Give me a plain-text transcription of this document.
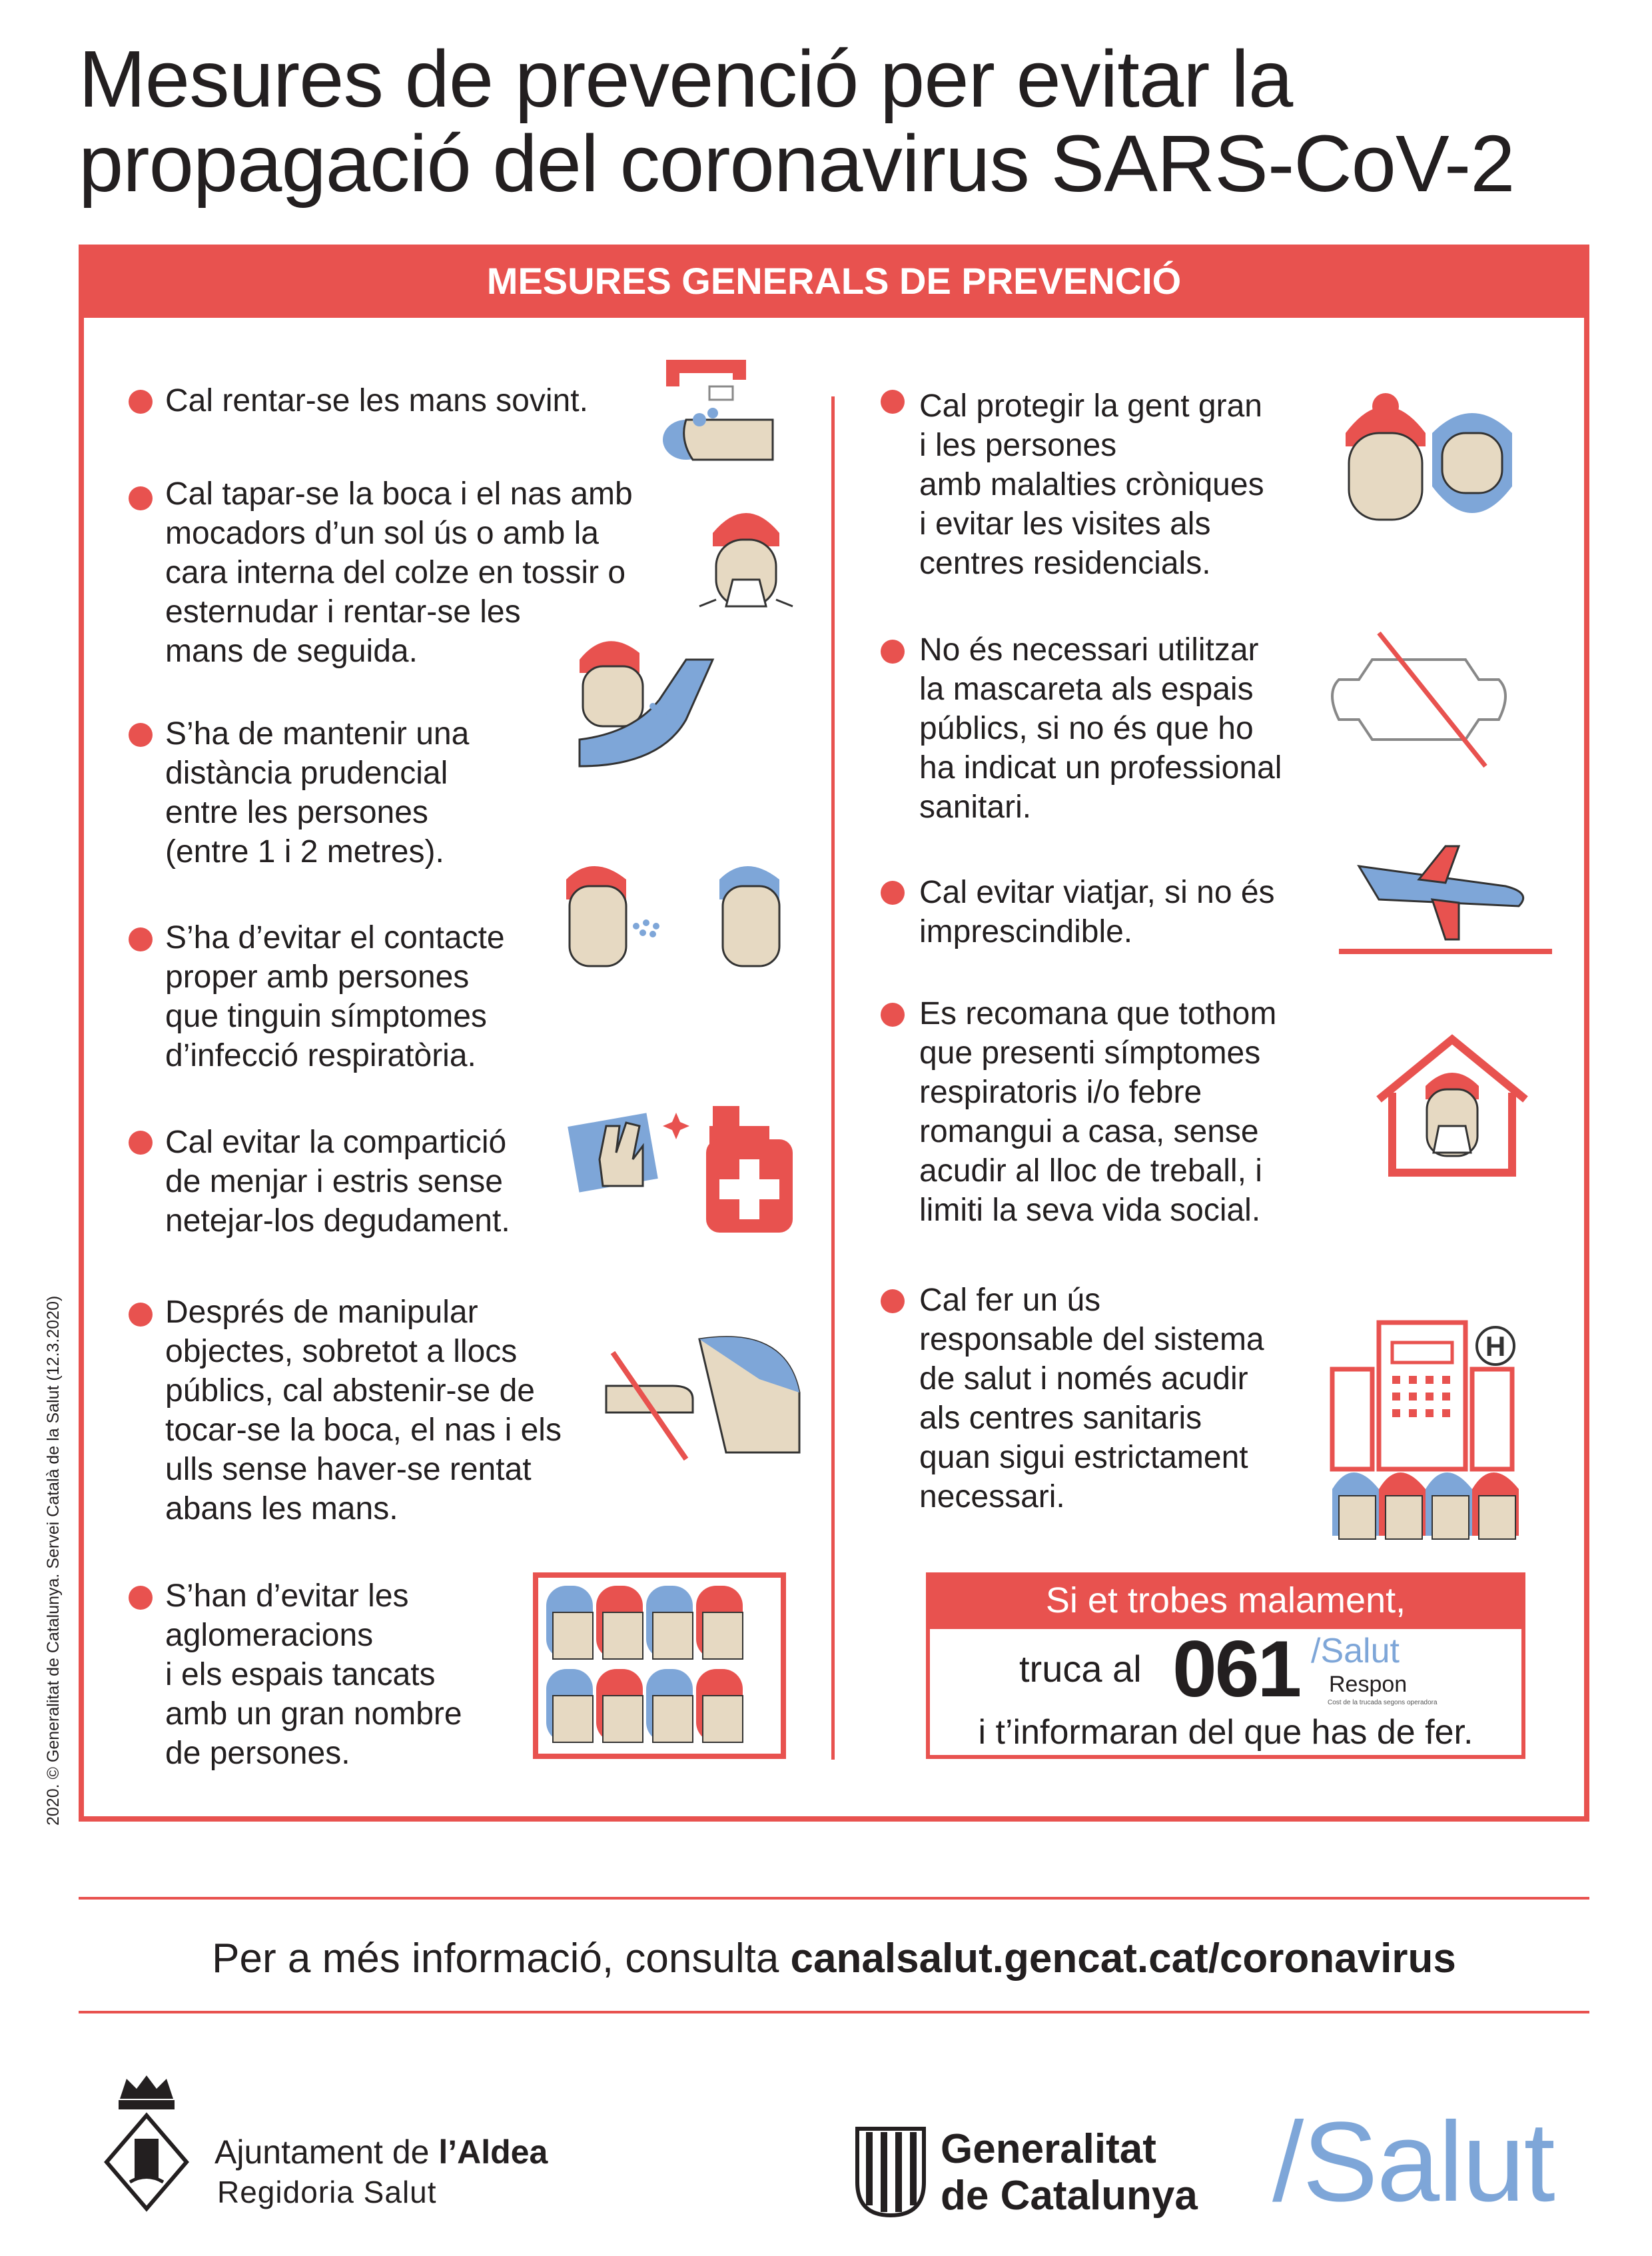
Mesures de prevenció per evitar la
propagació del coronavirus SARS-CoV-2
MESURES GENERALS DE PREVENCIÓ
Cal rentar-se les mans sovint.
Cal tapar-se la boca i el nas amb
mocadors d’un sol ús o amb la
cara interna del colze en tossir o
esternudar i rentar-se les
mans de seguida.
S’ha de mantenir una
distància prudencial
entre les persones
(entre 1 i 2 metres).
S’ha d’evitar el contacte
proper amb persones
que tinguin símptomes
d’infecció respiratòria.
Cal evitar la compartició
de menjar i estris sense
netejar-los degudament.
Després de manipular
objectes, sobretot a llocs
públics, cal abstenir-se de
tocar-se la boca, el nas i els
ulls sense haver-se rentat
abans les mans.
S’han d’evitar les
aglomeracions
i els espais tancats
amb un gran nombre
de persones.
Cal protegir la gent gran
i les persones
amb malalties cròniques
i evitar les visites als
centres residencials.
No és necessari utilitzar
la mascareta als espais
públics, si no és que ho
ha indicat un professional
sanitari.
Cal evitar viatjar, si no és
imprescindible.
Es recomana que tothom
que presenti símptomes
respiratoris i/o febre
romangui a casa, sense
acudir al lloc de treball, i
limiti la seva vida social.
Cal fer un ús
responsable del sistema
de salut i només acudir
als centres sanitaris
quan sigui estrictament
necessari.
H
Si et trobes malament,
truca al 061 /Salut
Respon
Cost de la trucada segons operadora
i t’informaran del que has de fer.
2020. © Generalitat de Catalunya. Servei Català de la Salut (12.3.2020)
Per a més informació, consulta canalsalut.gencat.cat/coronavirus
Ajuntament de l’Aldea
Regidoria Salut
Generalitat
de Catalunya /Salut
